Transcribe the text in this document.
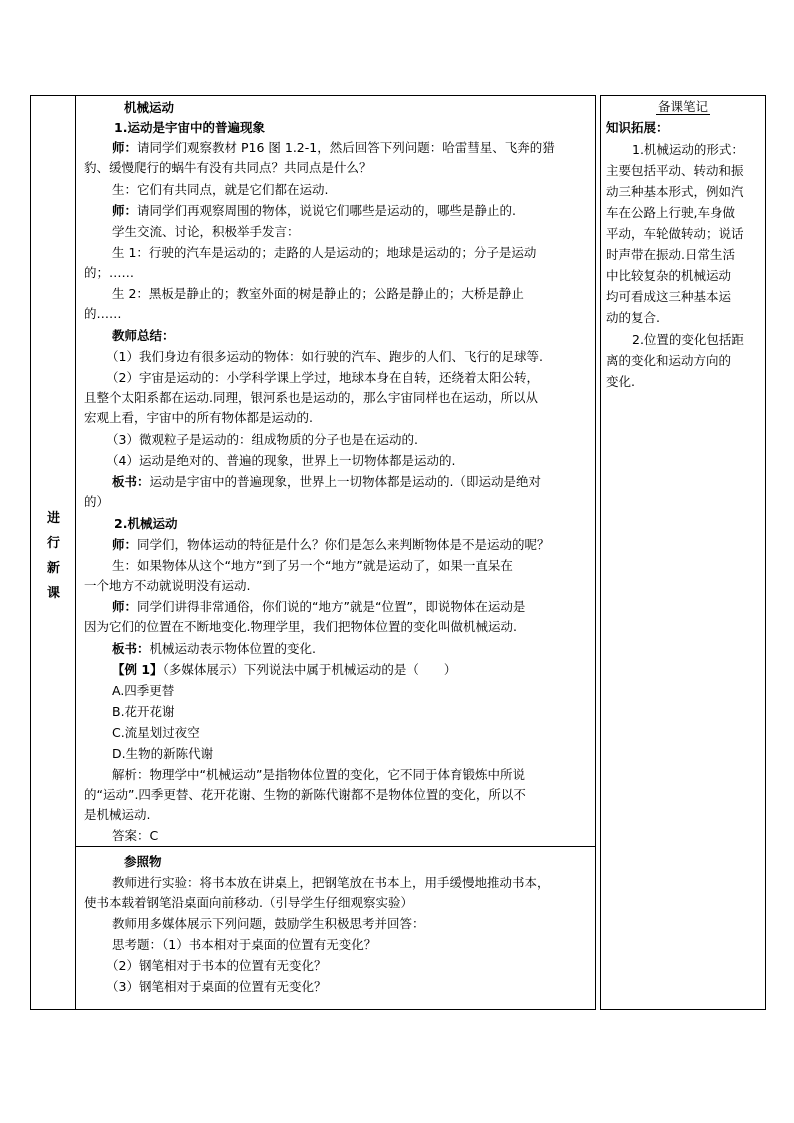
进
行
新
课
机械运动
1.运动是宇宙中的普遍现象
师：请同学们观察教材 P16 图 1.2-1，然后回答下列问题：哈雷彗星、飞奔的猎
豹、缓慢爬行的蜗牛有没有共同点？共同点是什么？
生：它们有共同点，就是它们都在运动.
师：请同学们再观察周围的物体，说说它们哪些是运动的，哪些是静止的.
学生交流、讨论，积极举手发言：
生 1：行驶的汽车是运动的；走路的人是运动的；地球是运动的；分子是运动
的；……
生 2：黑板是静止的；教室外面的树是静止的；公路是静止的；大桥是静止
的……
教师总结：
（1）我们身边有很多运动的物体：如行驶的汽车、跑步的人们、飞行的足球等.
（2）宇宙是运动的：小学科学课上学过，地球本身在自转，还绕着太阳公转，
且整个太阳系都在运动.同理，银河系也是运动的，那么宇宙同样也在运动，所以从
宏观上看，宇宙中的所有物体都是运动的.
（3）微观粒子是运动的：组成物质的分子也是在运动的.
（4）运动是绝对的、普遍的现象，世界上一切物体都是运动的.
板书：运动是宇宙中的普遍现象，世界上一切物体都是运动的.（即运动是绝对
的）
2.机械运动
师：同学们，物体运动的特征是什么？你们是怎么来判断物体是不是运动的呢？
生：如果物体从这个“地方”到了另一个“地方”就是运动了，如果一直呆在
一个地方不动就说明没有运动.
师：同学们讲得非常通俗，你们说的“地方”就是“位置”，即说物体在运动是
因为它们的位置在不断地变化.物理学里，我们把物体位置的变化叫做机械运动.
板书：机械运动表示物体位置的变化.
【例 1】（多媒体展示）下列说法中属于机械运动的是（　　）
A.四季更替
B.花开花谢
C.流星划过夜空
D.生物的新陈代谢
解析：物理学中“机械运动”是指物体位置的变化，它不同于体育锻炼中所说
的“运动”.四季更替、花开花谢、生物的新陈代谢都不是物体位置的变化，所以不
是机械运动.
答案：C
参照物
教师进行实验：将书本放在讲桌上，把钢笔放在书本上，用手缓慢地推动书本，
使书本载着钢笔沿桌面向前移动.（引导学生仔细观察实验）
教师用多媒体展示下列问题，鼓励学生积极思考并回答：
思考题：（1）书本相对于桌面的位置有无变化？
（2）钢笔相对于书本的位置有无变化？
（3）钢笔相对于桌面的位置有无变化？
备课笔记
知识拓展：
1.机械运动的形式：
主要包括平动、转动和振
动三种基本形式，例如汽
车在公路上行驶,车身做
平动，车轮做转动；说话
时声带在振动.日常生活
中比较复杂的机械运动
均可看成这三种基本运
动的复合.
2.位置的变化包括距
离的变化和运动方向的
变化.
